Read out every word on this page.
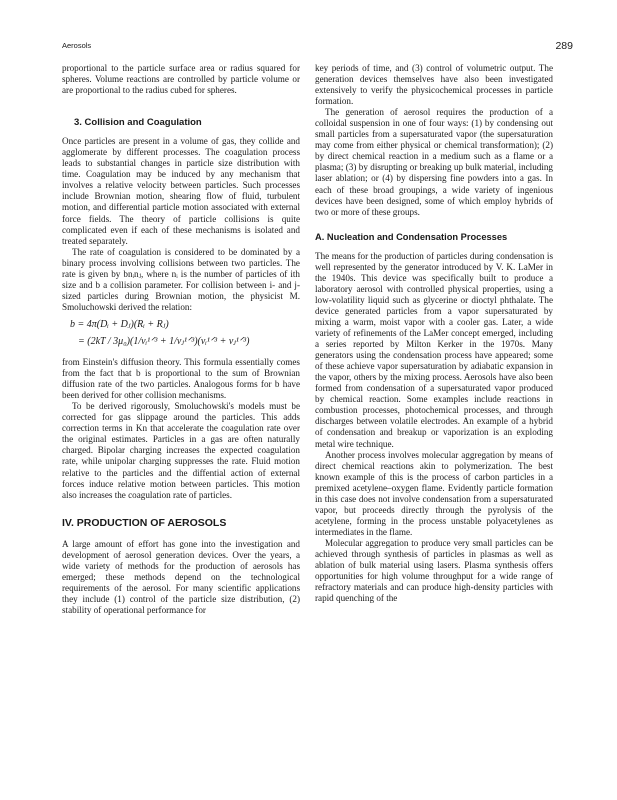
Aerosols	289

proportional to the particle surface area or radius squared for spheres. Volume reactions are controlled by particle volume or are proportional to the radius cubed for spheres.

3. Collision and Coagulation

Once particles are present in a volume of gas, they collide and agglomerate by different processes. The coagulation process leads to substantial changes in particle size distribution with time. Coagulation may be induced by any mechanism that involves a relative velocity between particles. Such processes include Brownian motion, shearing flow of fluid, turbulent motion, and differential particle motion associated with external force fields. The theory of particle collisions is quite complicated even if each of these mechanisms is isolated and treated separately.

The rate of coagulation is considered to be dominated by a binary process involving collisions between two particles. The rate is given by bnᵢnⱼ, where nᵢ is the number of particles of ith size and b a collision parameter. For collision between i- and j-sized particles during Brownian motion, the physicist M. Smoluchowski derived the relation:

b = 4π(Dᵢ + Dⱼ)(Rᵢ + Rⱼ)
= (2kT / 3μ₀)(1/vᵢ¹ᐟ³ + 1/vⱼ¹ᐟ³)(vᵢ¹ᐟ³ + vⱼ¹ᐟ³)

from Einstein's diffusion theory. This formula essentially comes from the fact that b is proportional to the sum of Brownian diffusion rate of the two particles. Analogous forms for b have been derived for other collision mechanisms.

To be derived rigorously, Smoluchowski's models must be corrected for gas slippage around the particles. This adds correction terms in Kn that accelerate the coagulation rate over the original estimates. Particles in a gas are often naturally charged. Bipolar charging increases the expected coagulation rate, while unipolar charging suppresses the rate. Fluid motion relative to the particles and the diffential action of external forces induce relative motion between particles. This motion also increases the coagulation rate of particles.

IV. PRODUCTION OF AEROSOLS

A large amount of effort has gone into the investigation and development of aerosol generation devices. Over the years, a wide variety of methods for the production of aerosols has emerged; these methods depend on the technological requirements of the aerosol. For many scientific applications they include (1) control of the particle size distribution, (2) stability of operational performance for

key periods of time, and (3) control of volumetric output. The generation devices themselves have also been investigated extensively to verify the physicochemical processes in particle formation.

The generation of aerosol requires the production of a colloidal suspension in one of four ways: (1) by condensing out small particles from a supersaturated vapor (the supersaturation may come from either physical or chemical transformation); (2) by direct chemical reaction in a medium such as a flame or a plasma; (3) by disrupting or breaking up bulk material, including laser ablation; or (4) by dispersing fine powders into a gas. In each of these broad groupings, a wide variety of ingenious devices have been designed, some of which employ hybrids of two or more of these groups.

A. Nucleation and Condensation Processes

The means for the production of particles during condensation is well represented by the generator introduced by V. K. LaMer in the 1940s. This device was specifically built to produce a laboratory aerosol with controlled physical properties, using a low-volatility liquid such as glycerine or dioctyl phthalate. The device generated particles from a vapor supersaturated by mixing a warm, moist vapor with a cooler gas. Later, a wide variety of refinements of the LaMer concept emerged, including a series reported by Milton Kerker in the 1970s. Many generators using the condensation process have appeared; some of these achieve vapor supersaturation by adiabatic expansion in the vapor, others by the mixing process. Aerosols have also been formed from condensation of a supersaturated vapor produced by chemical reaction. Some examples include reactions in combustion processes, photochemical processes, and through discharges between volatile electrodes. An example of a hybrid of condensation and breakup or vaporization is an exploding metal wire technique.

Another process involves molecular aggregation by means of direct chemical reactions akin to polymerization. The best known example of this is the process of carbon particles in a premixed acetylene–oxygen flame. Evidently particle formation in this case does not involve condensation from a supersaturated vapor, but proceeds directly through the pyrolysis of the acetylene, forming in the process unstable polyacetylenes as intermediates in the flame.

Molecular aggregation to produce very small particles can be achieved through synthesis of particles in plasmas as well as ablation of bulk material using lasers. Plasma synthesis offers opportunities for high volume throughput for a wide range of refractory materials and can produce high-density particles with rapid quenching of the
